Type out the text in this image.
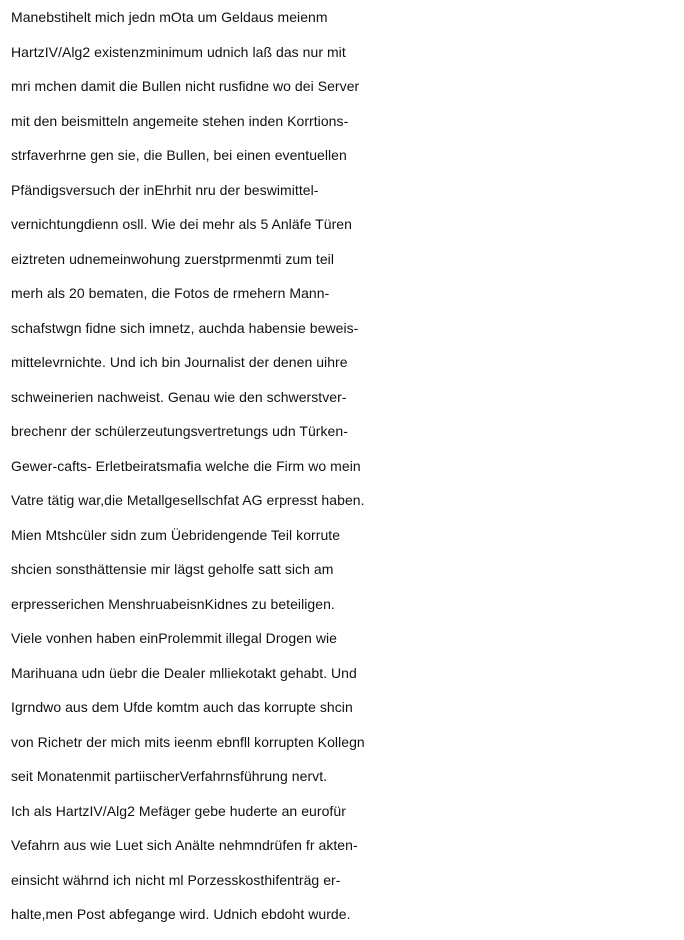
Manebstihelt mich jedn mOta um Geldaus meienm
HartzIV/Alg2 existenzminimum udnich laß das nur mit
mri mchen damit die Bullen nicht rusfidne wo dei Server
mit den beismitteln angemeite stehen inden Korrtions-
strfaverhrne gen sie, die Bullen, bei einen eventuellen
Pfändigsversuch der inEhrhit nru der beswimittel-
vernichtungdienn osll. Wie dei mehr als 5 Anläfe Türen
eiztreten udnemeinwohung zuerstprmenmti zum teil
merh als 20 bematen, die Fotos de rmehern Mann-
schafstwgn fidne sich imnetz, auchda habensie beweis-
mittelevrnichte. Und ich bin Journalist der denen uihre
schweinerien nachweist. Genau wie den schwerstver-
brechenr der schülerzeutungsvertretungs udn Türken-
Gewer-cafts- Erletbeiratsmafia welche die Firm wo mein
Vatre tätig war,die Metallgesellschfat AG erpresst haben.
Mien Mtshcüler sidn zum Üebridengende Teil korrute
shcien sonsthättensie mir lägst geholfe satt sich am
erpresserichen MenshruabeisnKidnes zu beteiligen.
Viele vonhen haben einProlemmit illegal Drogen wie
Marihuana udn üebr die Dealer mlliekotakt gehabt. Und
Igrndwo aus dem Ufde komtm auch das korrupte shcin
von Richetr der mich mits ieenm ebnfll korrupten Kollegn
seit Monatenmit partiischerVerfahrnsführung nervt.
Ich als HartzIV/Alg2 Mefäger gebe huderte an eurofür
Vefahrn aus wie Luet sich Anälte nehmndrüfen fr akten-
einsicht währnd ich nicht ml Porzesskosthifenträg er-
halte,men Post abfegange wird. Udnich ebdoht wurde.
